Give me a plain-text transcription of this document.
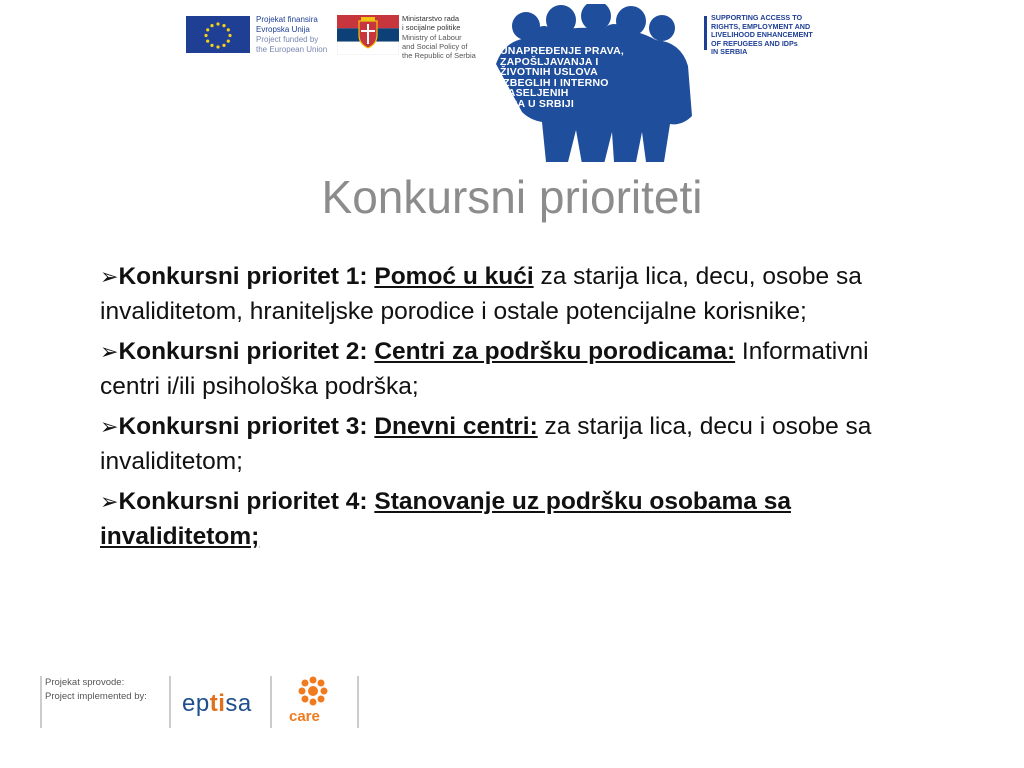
Projekat finansira
Evropska Unija
Project funded by
the European Union
Ministarstvo rada
i socijalne politike
Ministry of Labour
and Social Policy of
the Republic of Serbia	UNAPREĐENJE PRAVA,
ZAPOŠLJAVANJA I
ŽIVOTNIH USLOVA
IZBEGLIH I INTERNO
RASELJENIH
LICA U SRBIJI
SUPPORTING ACCESS TO
RIGHTS, EMPLOYMENT AND
LIVELIHOOD ENHANCEMENT
OF REFUGEES AND IDPs
IN SERBIA
Konkursni prioriteti
➢Konkursni prioritet 1: Pomoć u kući za starija lica, decu, osobe sa invaliditetom, hraniteljske porodice i ostale potencijalne korisnike;
➢Konkursni prioritet 2: Centri za podršku porodicama: Informativni centri i/ili psihološka podrška;
➢Konkursni prioritet 3: Dnevni centri: za starija lica, decu i osobe sa invaliditetom;
➢Konkursni prioritet 4: Stanovanje uz podršku osobama sa invaliditetom;
Projekat sprovode:
Project implemented by:	eptisa care
